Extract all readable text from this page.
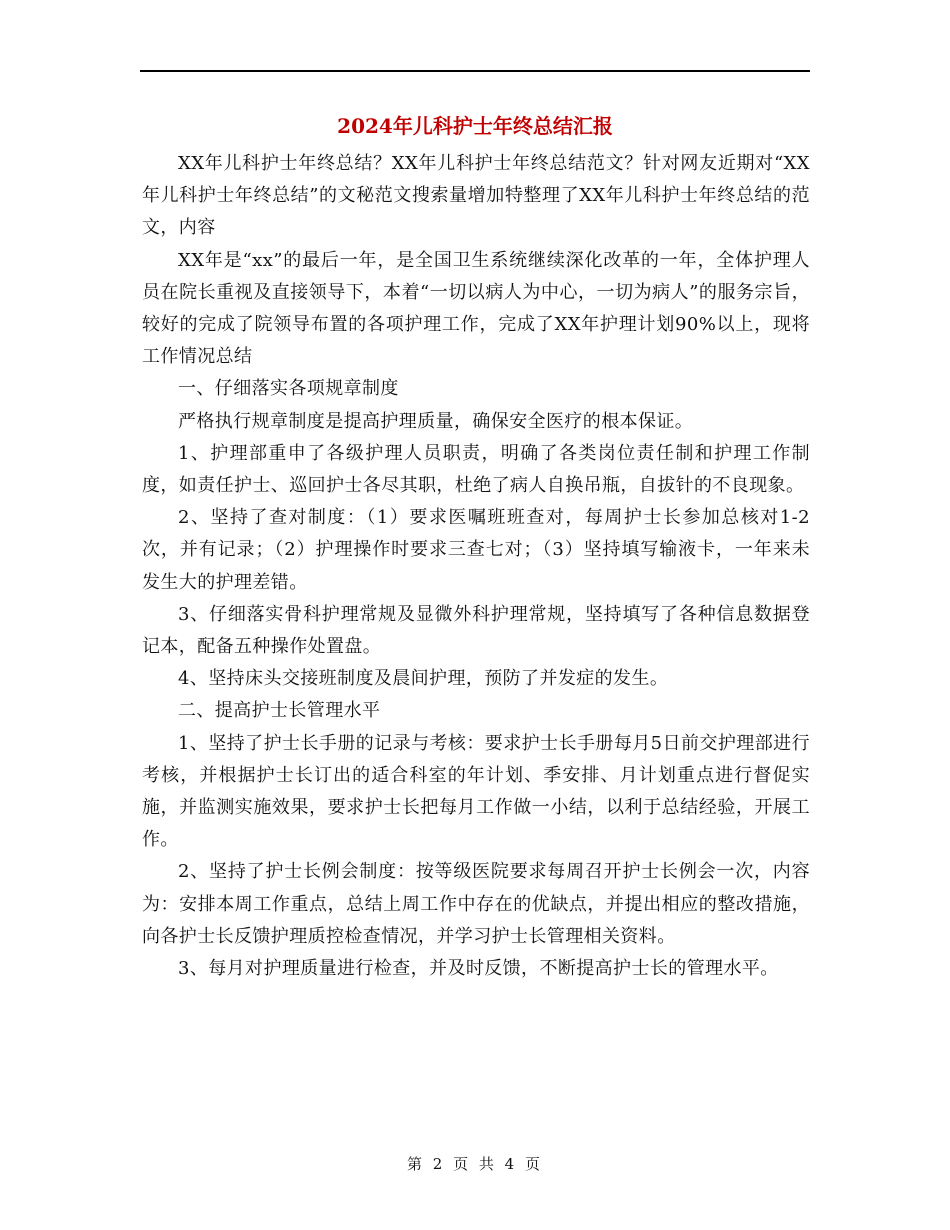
2024年儿科护士年终总结汇报

XX年儿科护士年终总结？XX年儿科护士年终总结范文？针对网友近期对“XX年儿科护士年终总结”的文秘范文搜索量增加特整理了XX年儿科护士年终总结的范文，内容

XX年是“xx”的最后一年，是全国卫生系统继续深化改革的一年，全体护理人员在院长重视及直接领导下，本着“一切以病人为中心，一切为病人”的服务宗旨，较好的完成了院领导布置的各项护理工作，完成了XX年护理计划90%以上，现将工作情况总结

一、仔细落实各项规章制度

严格执行规章制度是提高护理质量，确保安全医疗的根本保证。

1、护理部重申了各级护理人员职责，明确了各类岗位责任制和护理工作制度，如责任护士、巡回护士各尽其职，杜绝了病人自换吊瓶，自拔针的不良现象。

2、坚持了查对制度：（1）要求医嘱班班查对，每周护士长参加总核对1-2次，并有记录；（2）护理操作时要求三查七对；（3）坚持填写输液卡，一年来未发生大的护理差错。

3、仔细落实骨科护理常规及显微外科护理常规，坚持填写了各种信息数据登记本，配备五种操作处置盘。

4、坚持床头交接班制度及晨间护理，预防了并发症的发生。

二、提高护士长管理水平

1、坚持了护士长手册的记录与考核：要求护士长手册每月5日前交护理部进行考核，并根据护士长订出的适合科室的年计划、季安排、月计划重点进行督促实施，并监测实施效果，要求护士长把每月工作做一小结，以利于总结经验，开展工作。

2、坚持了护士长例会制度：按等级医院要求每周召开护士长例会一次，内容为：安排本周工作重点，总结上周工作中存在的优缺点，并提出相应的整改措施，向各护士长反馈护理质控检查情况，并学习护士长管理相关资料。

3、每月对护理质量进行检查，并及时反馈，不断提高护士长的管理水平。

第 2 页 共 4 页
